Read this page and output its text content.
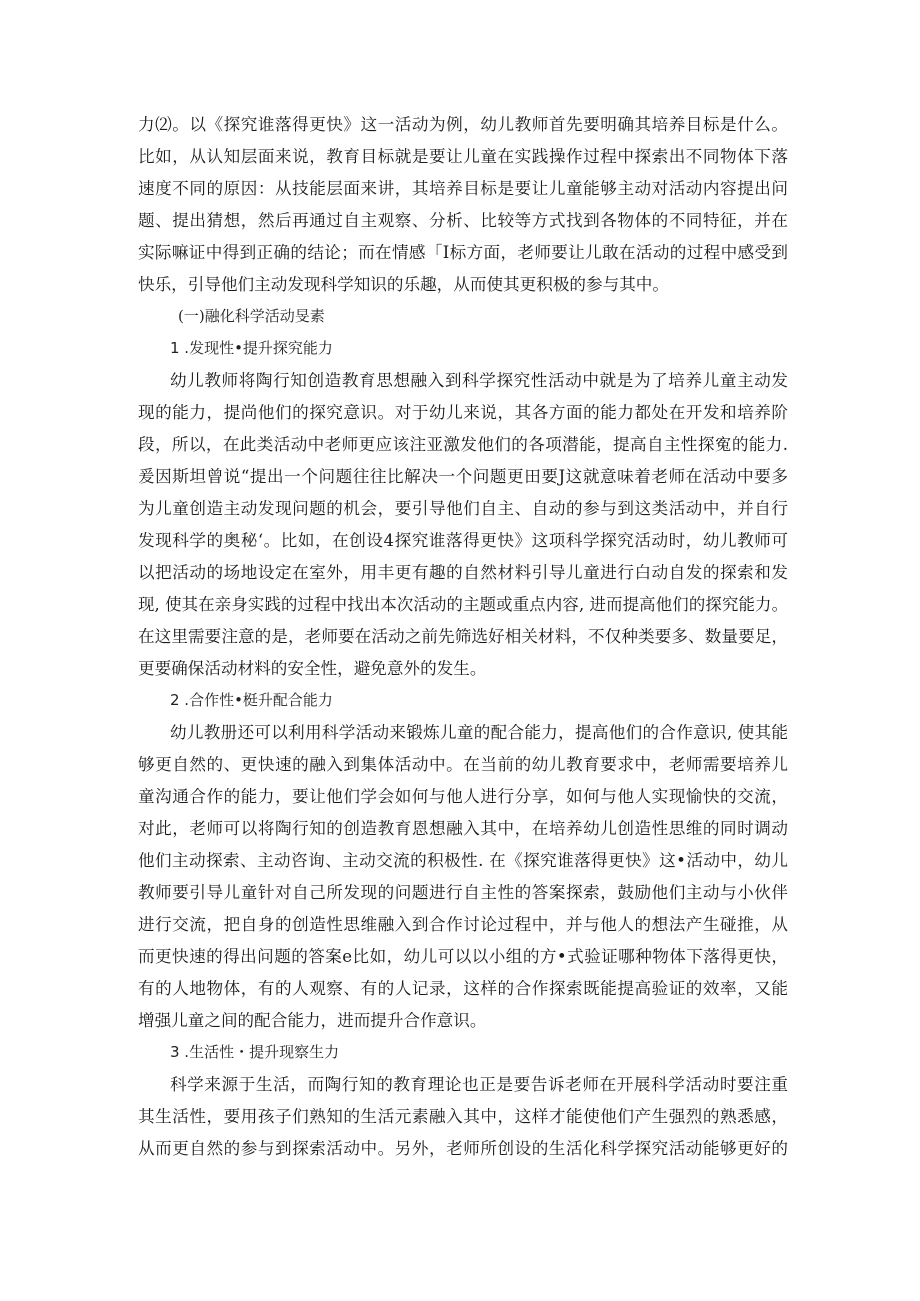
力⑵。以《探究谁落得更快》这一活动为例，幼儿教师首先要明确其培养目标是什么。
比如，从认知层面来说，教育目标就是要让儿童在实践操作过程中探索出不同物体下落
速度不同的原因：从技能层面来讲，其培养目标是要让儿童能够主动对活动内容提出问
题、提出猜想，然后再通过自主观察、分析、比较等方式找到各物体的不同特征，并在
实际嘛证中得到正确的结论；而在情感「I标方面，老师要让儿敢在活动的过程中感受到
快乐，引导他们主动发现科学知识的乐趣，从而使其更积极的参与其中。
(一)融化科学活动旻素
1 .发现性•提升探究能力
幼儿教师将陶行知创造教育思想融入到科学探究性活动中就是为了培养儿童主动发
现的能力，提尚他们的探究意识。对于幼儿来说，其各方面的能力都处在开发和培养阶
段，所以，在此类活动中老师更应该注亚激发他们的各项潜能，提高自主性探寃的能力.
爰因斯坦曾说“提出一个问题往往比解决一个问题更田要J这就意味着老师在活动中要多
为儿童创造主动发现问题的机会，要引导他们自主、自动的参与到这类活动中，并自行
发现科学的奥秘‘。比如，在创设4探究谁落得更快》这项科学探究活动时，幼儿教师可
以把活动的场地设定在室外，用丰更有趣的自然材料引导儿童进行白动自发的探索和发
现, 使其在亲身实践的过程中找出本次活动的主题或重点内容, 进而提高他们的探究能力。
在这里需要注意的是，老师要在活动之前先筛选好相关材料，不仅种类要多、数量要足，
更要确保活动材料的安全性，避免意外的发生。
2 .合作性•梃升配合能力
幼儿教册还可以利用科学活动来锻炼儿童的配合能力，提高他们的合作意识, 使其能
够更自然的、更快速的融入到集体活动中。在当前的幼儿教育要求中，老师需要培养儿
童沟通合作的能力，要让他们学会如何与他人进行分享，如何与他人实现愉快的交流，
对此，老师可以将陶行知的创造教育恩想融入其中，在培养幼儿创造性思维的同时调动
他们主动探索、主动咨询、主动交流的积极性. 在《探究谁落得更快》这•活动中，幼儿
教师要引导儿童针对自己所发现的问题进行自主性的答案探索，鼓励他们主动与小伙伴
进行交流，把自身的创造性思维融入到合作讨论过程中，并与他人的想法产生碰推，从
而更快速的得出问题的答案e比如，幼儿可以以小组的方•式验证哪种物体下落得更快，
有的人地物体，有的人观察、有的人记录，这样的合作探索既能提高验证的效率，又能
增强儿童之间的配合能力，进而提升合作意识。
3 .生活性・提升现察生力
科学来源于生活，而陶行知的教育理论也正是要告诉老师在开展科学活动时要注重
其生活性，要用孩子们熟知的生活元素融入其中，这样才能使他们产生强烈的熟悉感，
从而更自然的参与到探索活动中。另外，老师所创设的生活化科学探究活动能够更好的
